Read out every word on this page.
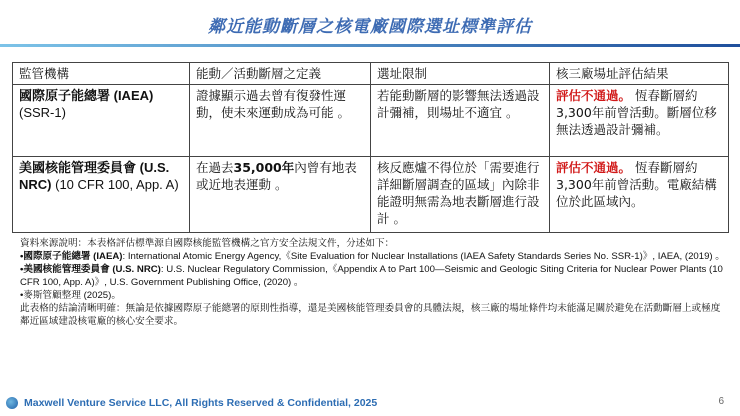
鄰近能動斷層之核電廠國際選址標準評估
監管機構	能動／活動斷層之定義	選址限制	核三廠場址評估結果
國際原子能總署 (IAEA)
(SSR-1)	證據顯示過去曾有復發性運動，使未來運動成為可能 。	若能動斷層的影響無法透過設計彌補，則場址不適宜 。	評估不通過。 恆春斷層約3,300年前曾活動。斷層位移無法透過設計彌補。
美國核能管理委員會 (U.S. NRC) (10 CFR 100, App. A)	在過去35,000年內曾有地表或近地表運動 。	核反應爐不得位於「需要進行詳細斷層調查的區域」內除非能證明無需為地表斷層進行設計 。	評估不通過。 恆春斷層約3,300年前曾活動。電廠結構位於此區域內。

資料來源說明：本表格評估標準源自國際核能監管機構之官方安全法規文件，分述如下：

•國際原子能總署 (IAEA): International Atomic Energy Agency,《Site Evaluation for Nuclear Installations (IAEA Safety Standards Series No. SSR-1)》, IAEA, (2019) 。

•美國核能管理委員會 (U.S. NRC): U.S. Nuclear Regulatory Commission,《Appendix A to Part 100—Seismic and Geologic Siting Criteria for Nuclear Power Plants (10 CFR 100, App. A)》, U.S. Government Publishing Office, (2020) 。

•麥斯管顧整理 (2025)。

此表格的結論清晰明確：無論是依據國際原子能總署的原則性指導，還是美國核能管理委員會的具體法規，核三廠的場址條件均未能滿足關於避免在活動斷層上或極度鄰近區域建設核電廠的核心安全要求。

Maxwell Venture Service LLC, All Rights Reserved & Confidential, 2025	6
